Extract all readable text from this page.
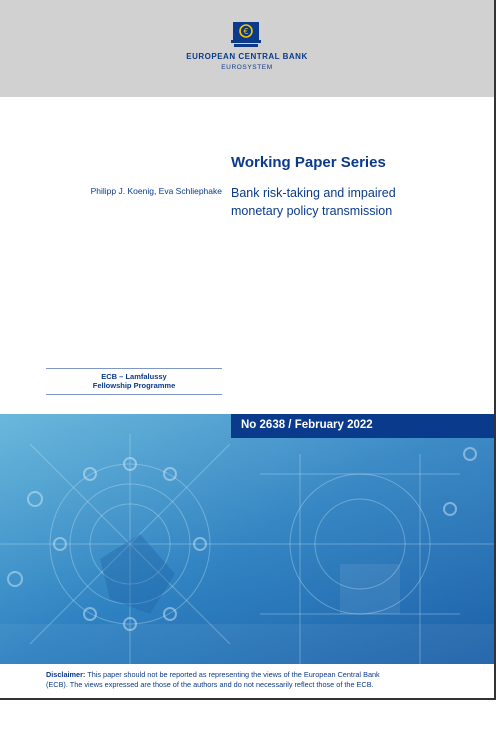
€
EUROPEAN CENTRAL BANK
EUROSYSTEM
Working Paper Series
Philipp J. Koenig, Eva Schliephake Bank risk-taking and impaired
monetary policy transmission
ECB – Lamfalussy
Fellowship Programme
No 2638 / February 2022
Disclaimer: This paper should not be reported as representing the views of the European Central Bank
(ECB). The views expressed are those of the authors and do not necessarily reflect those of the ECB.
